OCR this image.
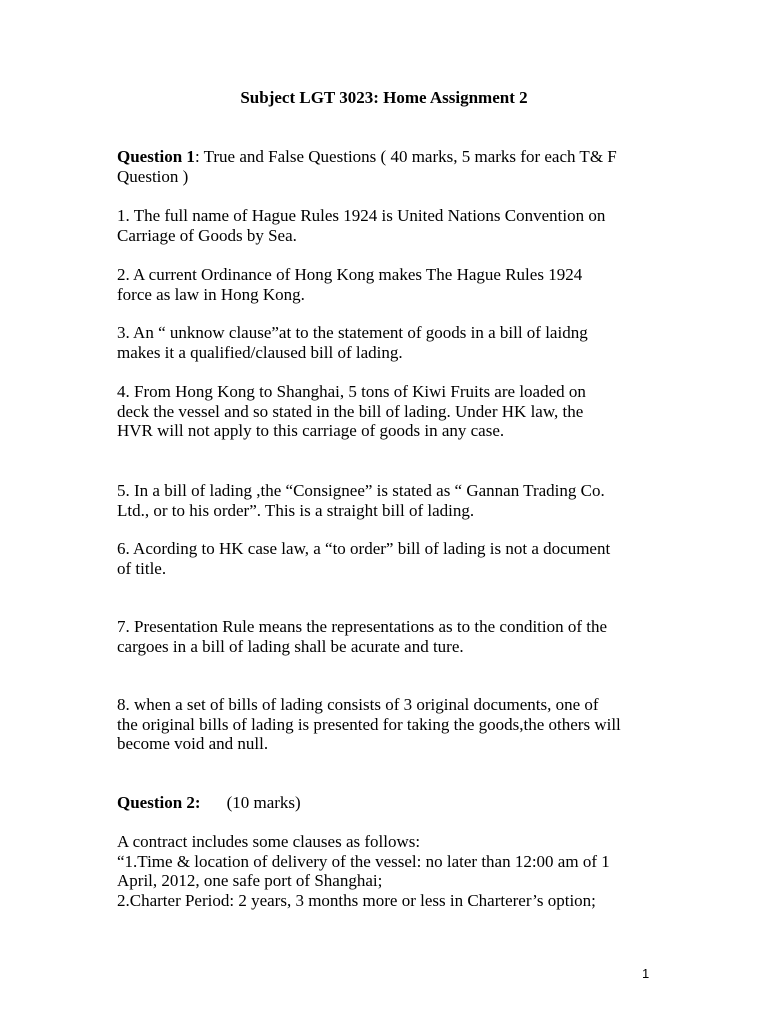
Subject LGT 3023: Home Assignment 2
Question 1: True and False Questions ( 40 marks, 5 marks for each T& F
Question )
1. The full name of Hague Rules 1924 is United Nations Convention on
Carriage of Goods by Sea.
2. A current Ordinance of Hong Kong makes The Hague Rules 1924
force as law in Hong Kong.
3. An “ unknow clause”at to the statement of goods in a bill of laidng
makes it a qualified/claused bill of lading.
4. From Hong Kong to Shanghai, 5 tons of Kiwi Fruits are loaded on
deck the vessel and so stated in the bill of lading. Under HK law, the
HVR will not apply to this carriage of goods in any case.
5. In a bill of lading ,the “Consignee” is stated as “ Gannan Trading Co.
Ltd., or to his order”. This is a straight bill of lading.
6. Acording to HK case law, a “to order” bill of lading is not a document
of title.
7. Presentation Rule means the representations as to the condition of the
cargoes in a bill of lading shall be acurate and ture.
8. when a set of bills of lading consists of 3 original documents, one of
the original bills of lading is presented for taking the goods,the others will
become void and null.
Question 2: (10 marks)
A contract includes some clauses as follows:
“1.Time & location of delivery of the vessel: no later than 12:00 am of 1
April, 2012, one safe port of Shanghai;
2.Charter Period: 2 years, 3 months more or less in Charterer’s option;
1
